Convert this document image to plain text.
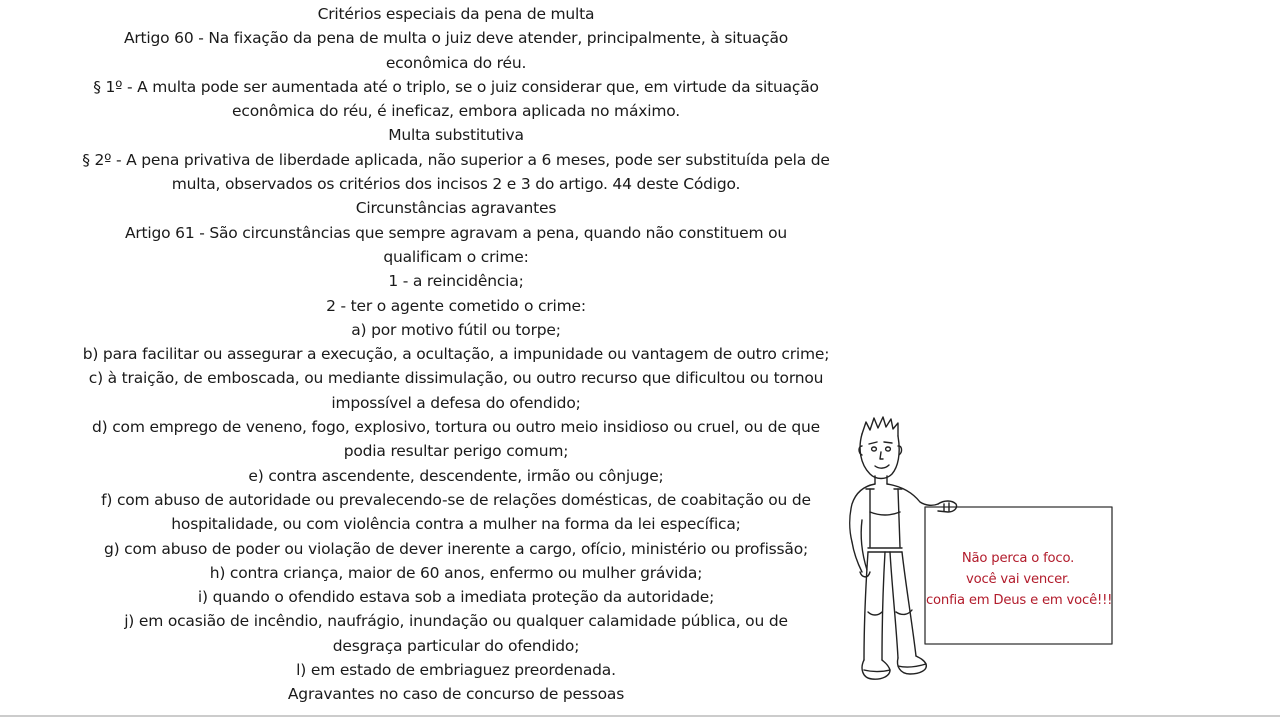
Critérios especiais da pena de multa

Artigo 60 - Na fixação da pena de multa o juiz deve atender, principalmente, à situação

econômica do réu.

§ 1º - A multa pode ser aumentada até o triplo, se o juiz considerar que, em virtude da situação

econômica do réu, é ineficaz, embora aplicada no máximo.

Multa substitutiva

§ 2º - A pena privativa de liberdade aplicada, não superior a 6 meses, pode ser substituída pela de

multa, observados os critérios dos incisos 2 e 3 do artigo. 44 deste Código.

Circunstâncias agravantes

Artigo 61 - São circunstâncias que sempre agravam a pena, quando não constituem ou

qualificam o crime:

1 - a reincidência;

2 - ter o agente cometido o crime:

a) por motivo fútil ou torpe;

b) para facilitar ou assegurar a execução, a ocultação, a impunidade ou vantagem de outro crime;

c) à traição, de emboscada, ou mediante dissimulação, ou outro recurso que dificultou ou tornou

impossível a defesa do ofendido;

d) com emprego de veneno, fogo, explosivo, tortura ou outro meio insidioso ou cruel, ou de que

podia resultar perigo comum;

e) contra ascendente, descendente, irmão ou cônjuge;

f) com abuso de autoridade ou prevalecendo-se de relações domésticas, de coabitação ou de

hospitalidade, ou com violência contra a mulher na forma da lei específica;

g) com abuso de poder ou violação de dever inerente a cargo, ofício, ministério ou profissão;

h) contra criança, maior de 60 anos, enfermo ou mulher grávida;

i) quando o ofendido estava sob a imediata proteção da autoridade;

j) em ocasião de incêndio, naufrágio, inundação ou qualquer calamidade pública, ou de

desgraça particular do ofendido;

l) em estado de embriaguez preordenada.

Agravantes no caso de concurso de pessoas

Não perca o foco.
você vai vencer.
confia em Deus e em você!!!
